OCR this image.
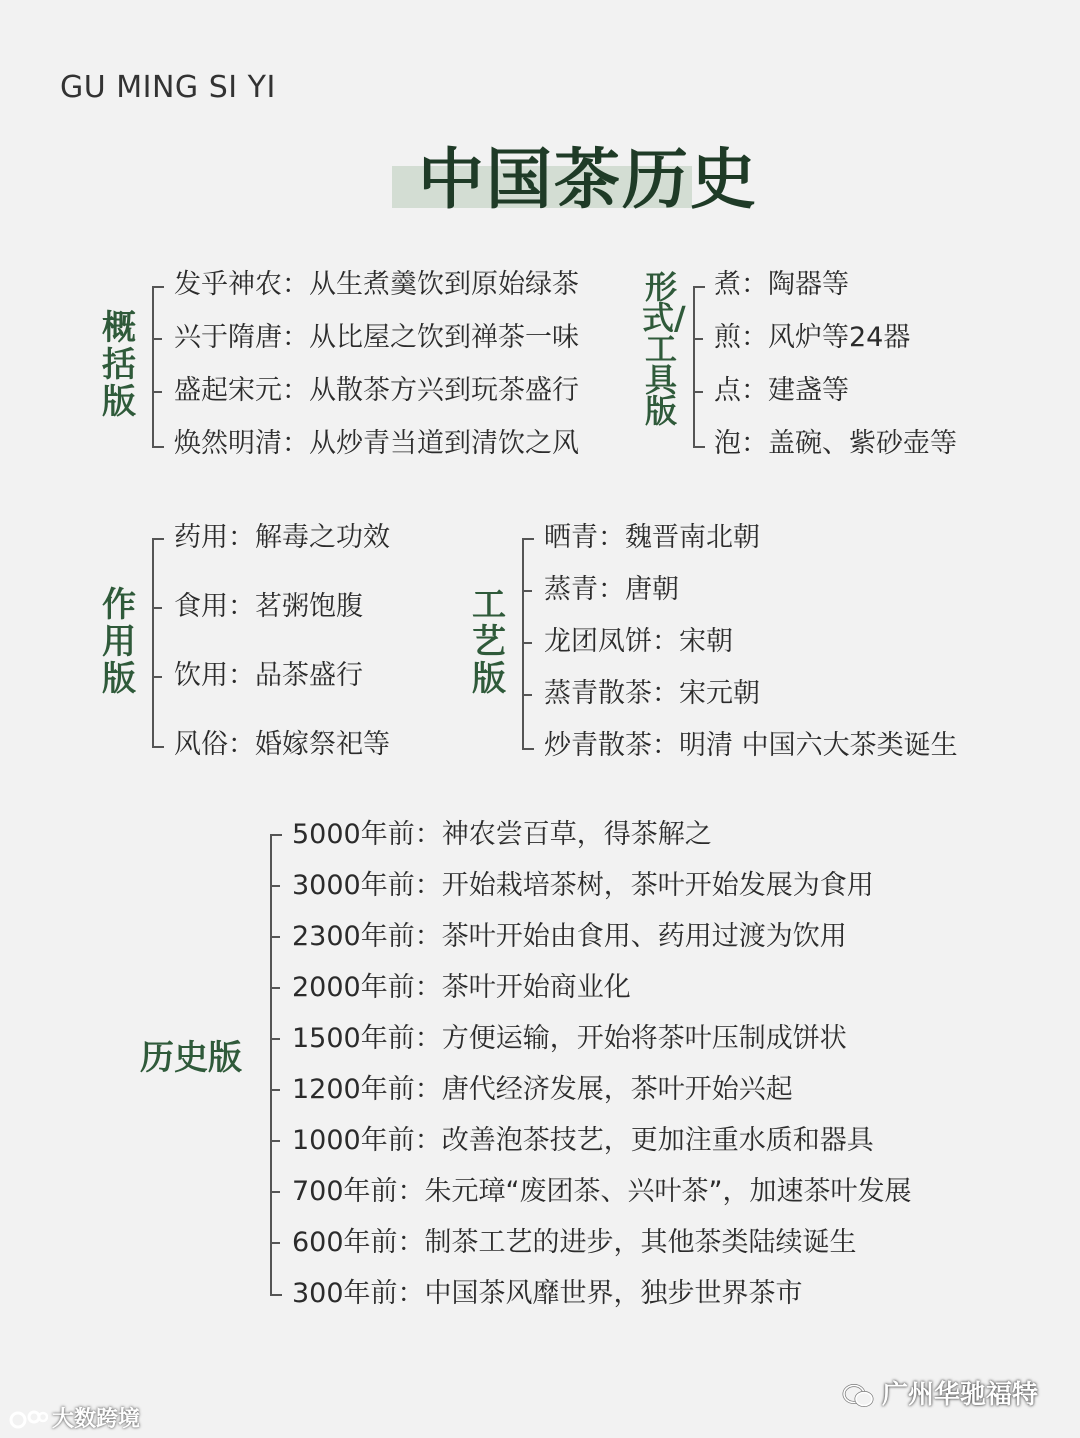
GU MING SI YI
中国茶历史
概括版
发乎神农：从生煮羹饮到原始绿茶
兴于隋唐：从比屋之饮到禅茶一味
盛起宋元：从散茶方兴到玩茶盛行
焕然明清：从炒青当道到清饮之风
形式/工具版
煮：陶器等
煎：风炉等24器
点：建盏等
泡：盖碗、紫砂壶等
作用版
药用：解毒之功效
食用：茗粥饱腹
饮用：品茶盛行
风俗：婚嫁祭祀等
工艺版
晒青：魏晋南北朝
蒸青：唐朝
龙团凤饼：宋朝
蒸青散茶：宋元朝
炒青散茶：明清 中国六大茶类诞生
历史版
5000年前：神农尝百草，得茶解之
3000年前：开始栽培茶树，茶叶开始发展为食用
2300年前：茶叶开始由食用、药用过渡为饮用
2000年前：茶叶开始商业化
1500年前：方便运输，开始将茶叶压制成饼状
1200年前：唐代经济发展，茶叶开始兴起
1000年前：改善泡茶技艺，更加注重水质和器具
700年前：朱元璋“废团茶、兴叶茶”，加速茶叶发展
600年前：制茶工艺的进步，其他茶类陆续诞生
300年前：中国茶风靡世界，独步世界茶市
大数跨境
广州华驰福特
